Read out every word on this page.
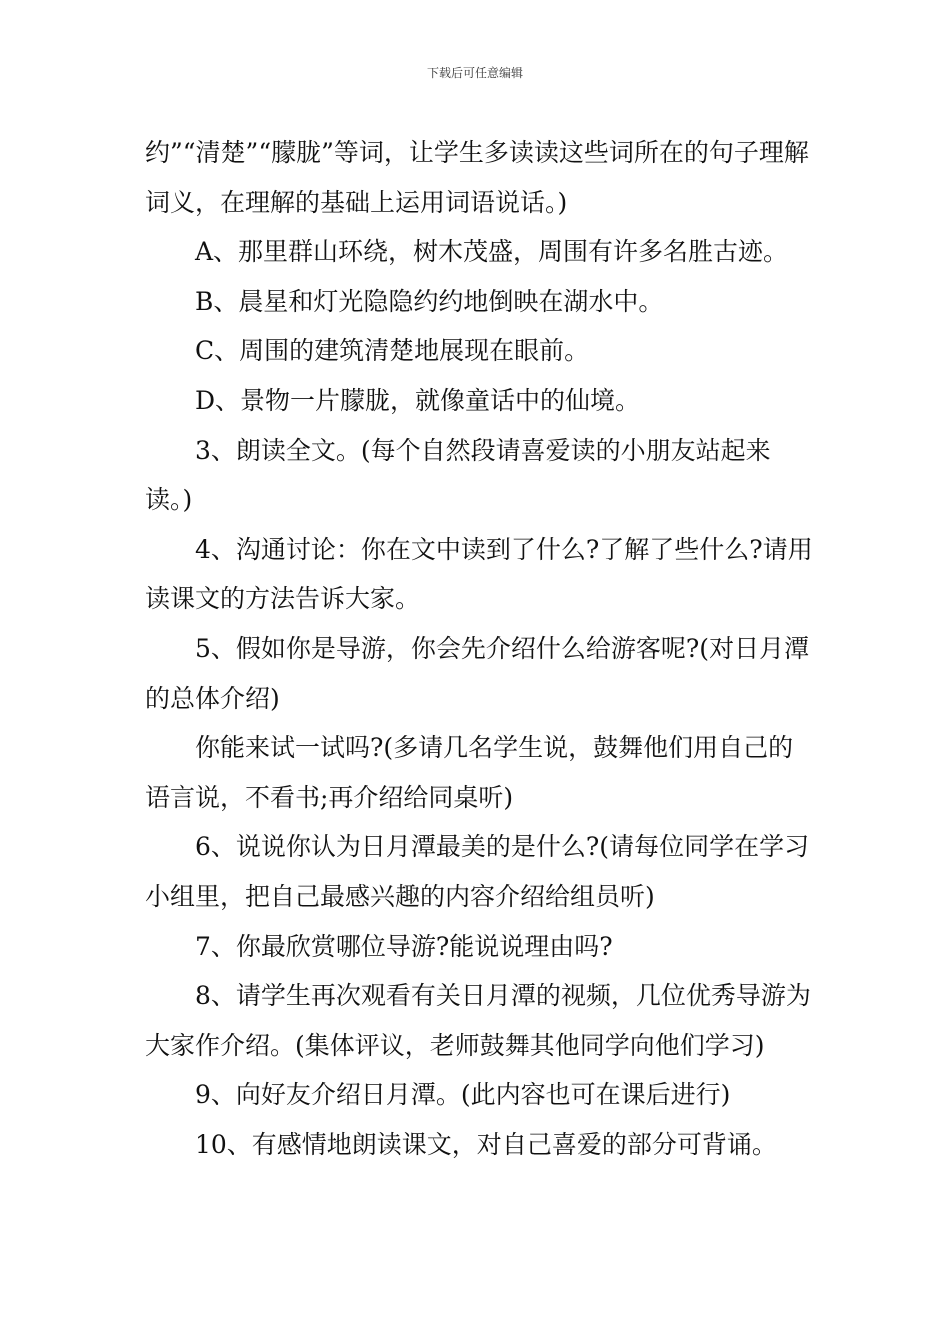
下载后可任意编辑

约”“清楚”“朦胧”等词，让学生多读读这些词所在的句子理解词义，在理解的基础上运用词语说话。)

A、那里群山环绕，树木茂盛，周围有许多名胜古迹。

B、晨星和灯光隐隐约约地倒映在湖水中。

C、周围的建筑清楚地展现在眼前。

D、景物一片朦胧，就像童话中的仙境。

3、朗读全文。(每个自然段请喜爱读的小朋友站起来读。)

4、沟通讨论：你在文中读到了什么?了解了些什么?请用读课文的方法告诉大家。

5、假如你是导游，你会先介绍什么给游客呢?(对日月潭的总体介绍)

你能来试一试吗?(多请几名学生说，鼓舞他们用自己的语言说，不看书;再介绍给同桌听)

6、说说你认为日月潭最美的是什么?(请每位同学在学习小组里，把自己最感兴趣的内容介绍给组员听)

7、你最欣赏哪位导游?能说说理由吗?

8、请学生再次观看有关日月潭的视频，几位优秀导游为大家作介绍。(集体评议，老师鼓舞其他同学向他们学习)

9、向好友介绍日月潭。(此内容也可在课后进行)

10、有感情地朗读课文，对自己喜爱的部分可背诵。
